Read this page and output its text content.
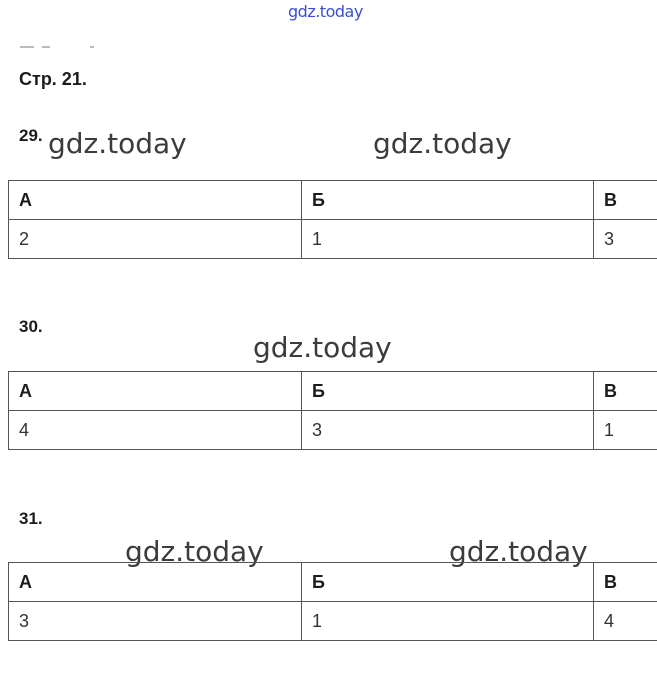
gdz.today
Стр. 21.
29. gdz.today	gdz.today
А	Б	В
2	1	3
30.
gdz.today
А	Б	В
4	3	1
31.
gdz.today	gdz.today
А	Б	В
3	1	4
